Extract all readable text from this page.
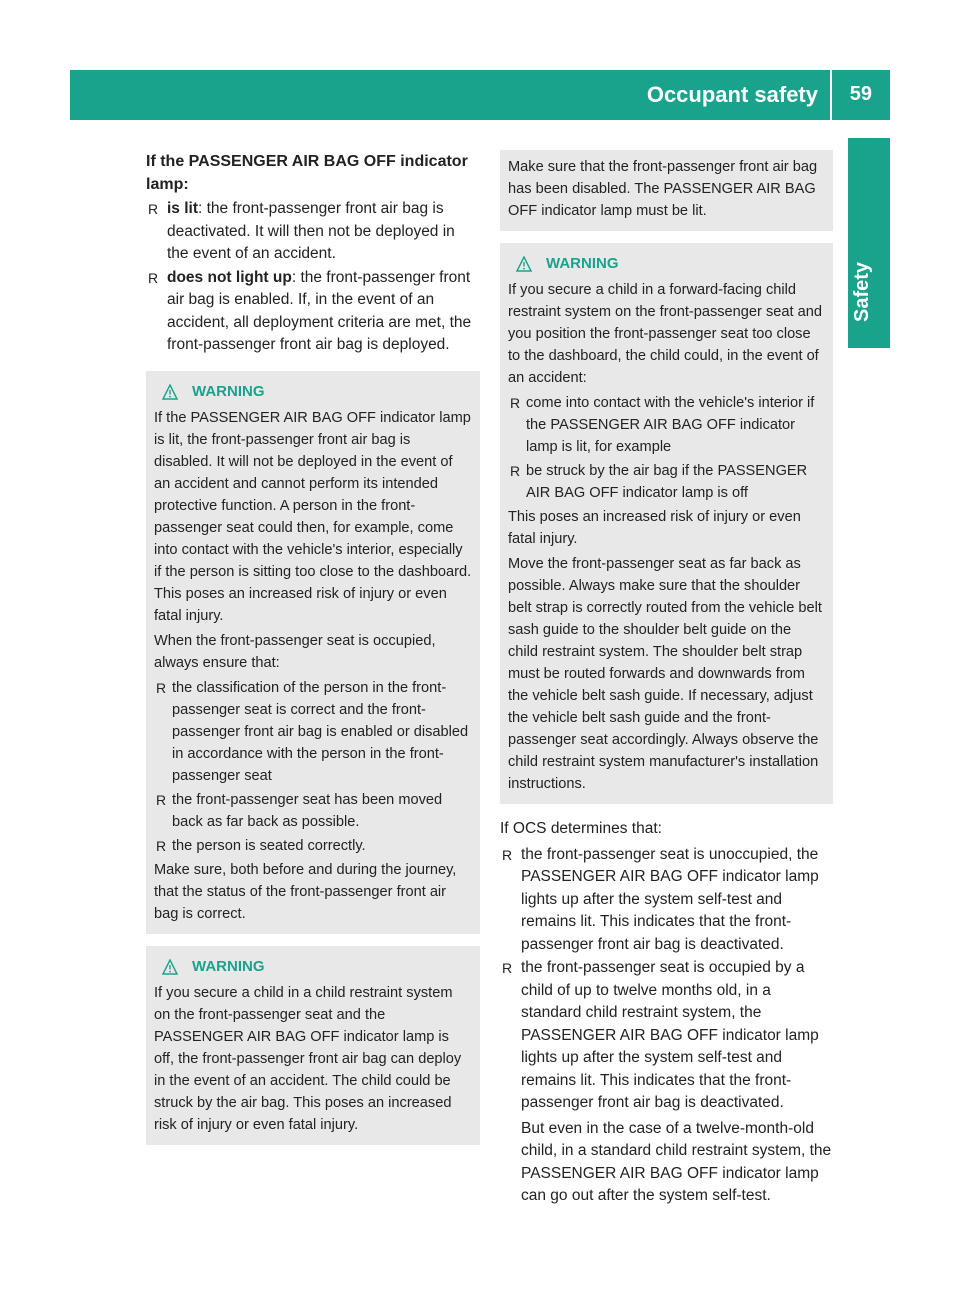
Occupant safety 59
Safety
If the PASSENGER AIR BAG OFF indicator lamp:
R is lit: the front-passenger front air bag is deactivated. It will then not be deployed in the event of an accident.
R does not light up: the front-passenger front air bag is enabled. If, in the event of an accident, all deployment criteria are met, the front-passenger front air bag is deployed.
WARNING

If the PASSENGER AIR BAG OFF indicator lamp is lit, the front-passenger front air bag is disabled. It will not be deployed in the event of an accident and cannot perform its intended protective function. A person in the front-passenger seat could then, for example, come into contact with the vehicle's interior, especially if the person is sitting too close to the dashboard. This poses an increased risk of injury or even fatal injury.

When the front-passenger seat is occupied, always ensure that:

R the classification of the person in the front-passenger seat is correct and the front-passenger front air bag is enabled or disabled in accordance with the person in the front-passenger seat
R the front-passenger seat has been moved back as far back as possible.
R the person is seated correctly.

Make sure, both before and during the journey, that the status of the front-passenger front air bag is correct.

WARNING

If you secure a child in a child restraint system on the front-passenger seat and the PASSENGER AIR BAG OFF indicator lamp is off, the front-passenger front air bag can deploy in the event of an accident. The child could be struck by the air bag. This poses an increased risk of injury or even fatal injury.

Make sure that the front-passenger front air bag has been disabled. The PASSENGER AIR BAG OFF indicator lamp must be lit.

WARNING

If you secure a child in a forward-facing child restraint system on the front-passenger seat and you position the front-passenger seat too close to the dashboard, the child could, in the event of an accident:

R come into contact with the vehicle's interior if the PASSENGER AIR BAG OFF indicator lamp is lit, for example
R be struck by the air bag if the PASSENGER AIR BAG OFF indicator lamp is off

This poses an increased risk of injury or even fatal injury.

Move the front-passenger seat as far back as possible. Always make sure that the shoulder belt strap is correctly routed from the vehicle belt sash guide to the shoulder belt guide on the child restraint system. The shoulder belt strap must be routed forwards and downwards from the vehicle belt sash guide. If necessary, adjust the vehicle belt sash guide and the front-passenger seat accordingly. Always observe the child restraint system manufacturer's installation instructions.

If OCS determines that:

R the front-passenger seat is unoccupied, the PASSENGER AIR BAG OFF indicator lamp lights up after the system self-test and remains lit. This indicates that the front-passenger front air bag is deactivated.
R the front-passenger seat is occupied by a child of up to twelve months old, in a standard child restraint system, the PASSENGER AIR BAG OFF indicator lamp lights up after the system self-test and remains lit. This indicates that the front-passenger front air bag is deactivated.
But even in the case of a twelve-month-old child, in a standard child restraint system, the PASSENGER AIR BAG OFF indicator lamp can go out after the system self-test.
